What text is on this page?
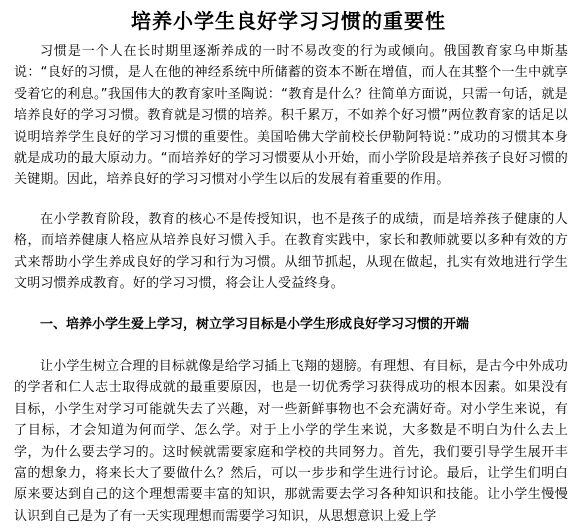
培养小学生良好学习习惯的重要性

习惯是一个人在长时期里逐渐养成的一时不易改变的行为或倾向。俄国教育家乌申斯基说：“良好的习惯，是人在他的神经系统中所储蓄的资本不断在增值，而人在其整个一生中就享受着它的利息。”我国伟大的教育家叶圣陶说：“教育是什么？往简单方面说，只需一句话，就是培养良好的学习习惯。教育就是习惯的培养。积千累万，不如养个好习惯”两位教育家的话足以说明培养学生良好的学习习惯的重要性。美国哈佛大学前校长伊勒阿特说：”成功的习惯其本身就是成功的最大原动力。“而培养好的学习习惯要从小开始，而小学阶段是培养孩子良好习惯的关键期。因此，培养良好的学习习惯对小学生以后的发展有着重要的作用。

在小学教育阶段，教育的核心不是传授知识，也不是孩子的成绩，而是培养孩子健康的人格，而培养健康人格应从培养良好习惯入手。在教育实践中，家长和教师就要以多种有效的方式来帮助小学生养成良好的学习和行为习惯。从细节抓起，从现在做起，扎实有效地进行学生文明习惯养成教育。好的学习习惯，将会让人受益终身。

一、培养小学生爱上学习，树立学习目标是小学生形成良好学习习惯的开端

让小学生树立合理的目标就像是给学习插上飞翔的翅膀。有理想、有目标，是古今中外成功的学者和仁人志士取得成就的最重要原因，也是一切优秀学习获得成功的根本因素。如果没有目标，小学生对学习可能就失去了兴趣，对一些新鲜事物也不会充满好奇。对小学生来说，有了目标，才会知道为何而学、怎么学。对于上小学的学生来说，大多数是不明白为什么去上学，为什么要去学习的。这时候就需要家庭和学校的共同努力。首先，我们要引导学生展开丰富的想象力，将来长大了要做什么？然后，可以一步步和学生进行讨论。最后，让学生们明白原来要达到自己的这个理想需要丰富的知识，那就需要去学习各种知识和技能。让小学生慢慢认识到自己是为了有一天实现理想而需要学习知识，从思想意识上爱上学
